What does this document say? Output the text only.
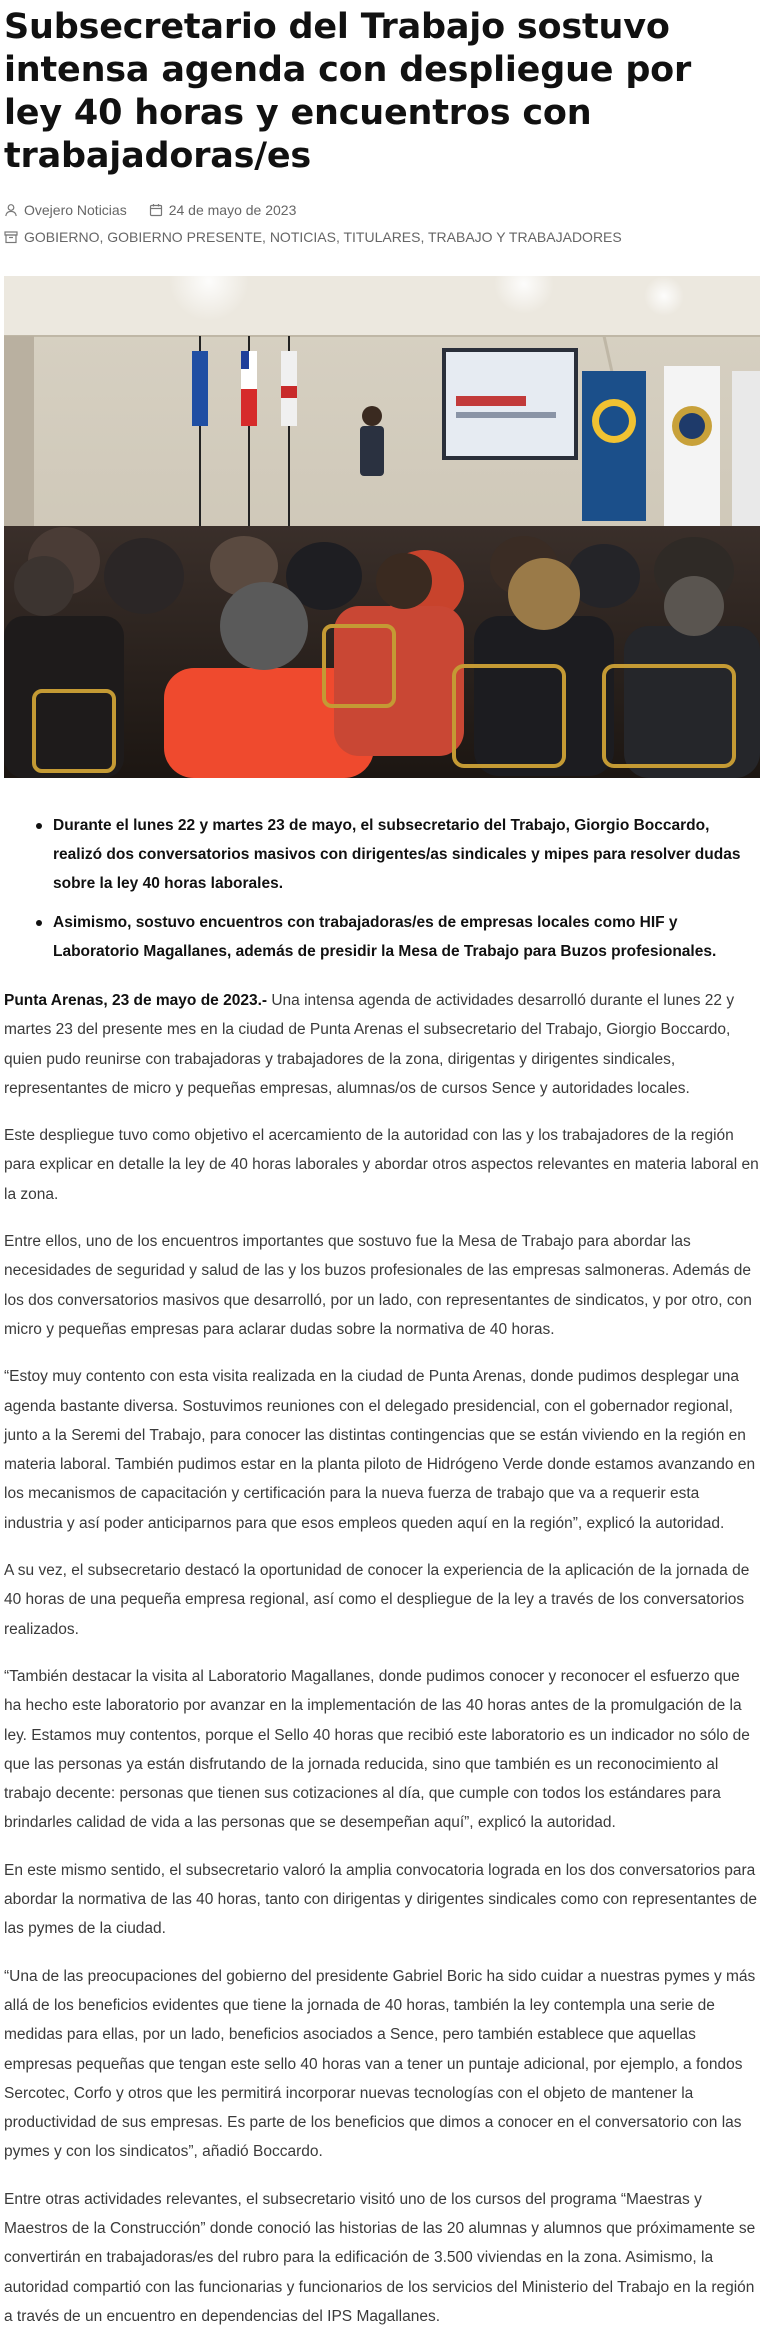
Subsecretario del Trabajo sostuvo intensa agenda con despliegue por ley 40 horas y encuentros con trabajadoras/es
Ovejero Noticias	24 de mayo de 2023
GOBIERNO, GOBIERNO PRESENTE, NOTICIAS, TITULARES, TRABAJO Y TRABAJADORES
Durante el lunes 22 y martes 23 de mayo, el subsecretario del Trabajo, Giorgio Boccardo, realizó dos conversatorios masivos con dirigentes/as sindicales y mipes para resolver dudas sobre la ley 40 horas laborales.
Asimismo, sostuvo encuentros con trabajadoras/es de empresas locales como HIF y Laboratorio Magallanes, además de presidir la Mesa de Trabajo para Buzos profesionales.

Punta Arenas, 23 de mayo de 2023.- Una intensa agenda de actividades desarrolló durante el lunes 22 y martes 23 del presente mes en la ciudad de Punta Arenas el subsecretario del Trabajo, Giorgio Boccardo, quien pudo reunirse con trabajadoras y trabajadores de la zona, dirigentas y dirigentes sindicales, representantes de micro y pequeñas empresas, alumnas/os de cursos Sence y autoridades locales.

Este despliegue tuvo como objetivo el acercamiento de la autoridad con las y los trabajadores de la región para explicar en detalle la ley de 40 horas laborales y abordar otros aspectos relevantes en materia laboral en la zona.

Entre ellos, uno de los encuentros importantes que sostuvo fue la Mesa de Trabajo para abordar las necesidades de seguridad y salud de las y los buzos profesionales de las empresas salmoneras. Además de los dos conversatorios masivos que desarrolló, por un lado, con representantes de sindicatos, y por otro, con micro y pequeñas empresas para aclarar dudas sobre la normativa de 40 horas.

“Estoy muy contento con esta visita realizada en la ciudad de Punta Arenas, donde pudimos desplegar una agenda bastante diversa. Sostuvimos reuniones con el delegado presidencial, con el gobernador regional, junto a la Seremi del Trabajo, para conocer las distintas contingencias que se están viviendo en la región en materia laboral. También pudimos estar en la planta piloto de Hidrógeno Verde donde estamos avanzando en los mecanismos de capacitación y certificación para la nueva fuerza de trabajo que va a requerir esta industria y así poder anticiparnos para que esos empleos queden aquí en la región”, explicó la autoridad.

A su vez, el subsecretario destacó la oportunidad de conocer la experiencia de la aplicación de la jornada de 40 horas de una pequeña empresa regional, así como el despliegue de la ley a través de los conversatorios realizados.

“También destacar la visita al Laboratorio Magallanes, donde pudimos conocer y reconocer el esfuerzo que ha hecho este laboratorio por avanzar en la implementación de las 40 horas antes de la promulgación de la ley. Estamos muy contentos, porque el Sello 40 horas que recibió este laboratorio es un indicador no sólo de que las personas ya están disfrutando de la jornada reducida, sino que también es un reconocimiento al trabajo decente: personas que tienen sus cotizaciones al día, que cumple con todos los estándares para brindarles calidad de vida a las personas que se desempeñan aquí”, explicó la autoridad.

En este mismo sentido, el subsecretario valoró la amplia convocatoria lograda en los dos conversatorios para abordar la normativa de las 40 horas, tanto con dirigentas y dirigentes sindicales como con representantes de las pymes de la ciudad.

“Una de las preocupaciones del gobierno del presidente Gabriel Boric ha sido cuidar a nuestras pymes y más allá de los beneficios evidentes que tiene la jornada de 40 horas, también la ley contempla una serie de medidas para ellas, por un lado, beneficios asociados a Sence, pero también establece que aquellas empresas pequeñas que tengan este sello 40 horas van a tener un puntaje adicional, por ejemplo, a fondos Sercotec, Corfo y otros que les permitirá incorporar nuevas tecnologías con el objeto de mantener la productividad de sus empresas. Es parte de los beneficios que dimos a conocer en el conversatorio con las pymes y con los sindicatos”, añadió Boccardo.

Entre otras actividades relevantes, el subsecretario visitó uno de los cursos del programa “Maestras y Maestros de la Construcción” donde conoció las historias de las 20 alumnas y alumnos que próximamente se convertirán en trabajadoras/es del rubro para la edificación de 3.500 viviendas en la zona. Asimismo, la autoridad compartió con las funcionarias y funcionarios de los servicios del Ministerio del Trabajo en la región a través de un encuentro en dependencias del IPS Magallanes.
